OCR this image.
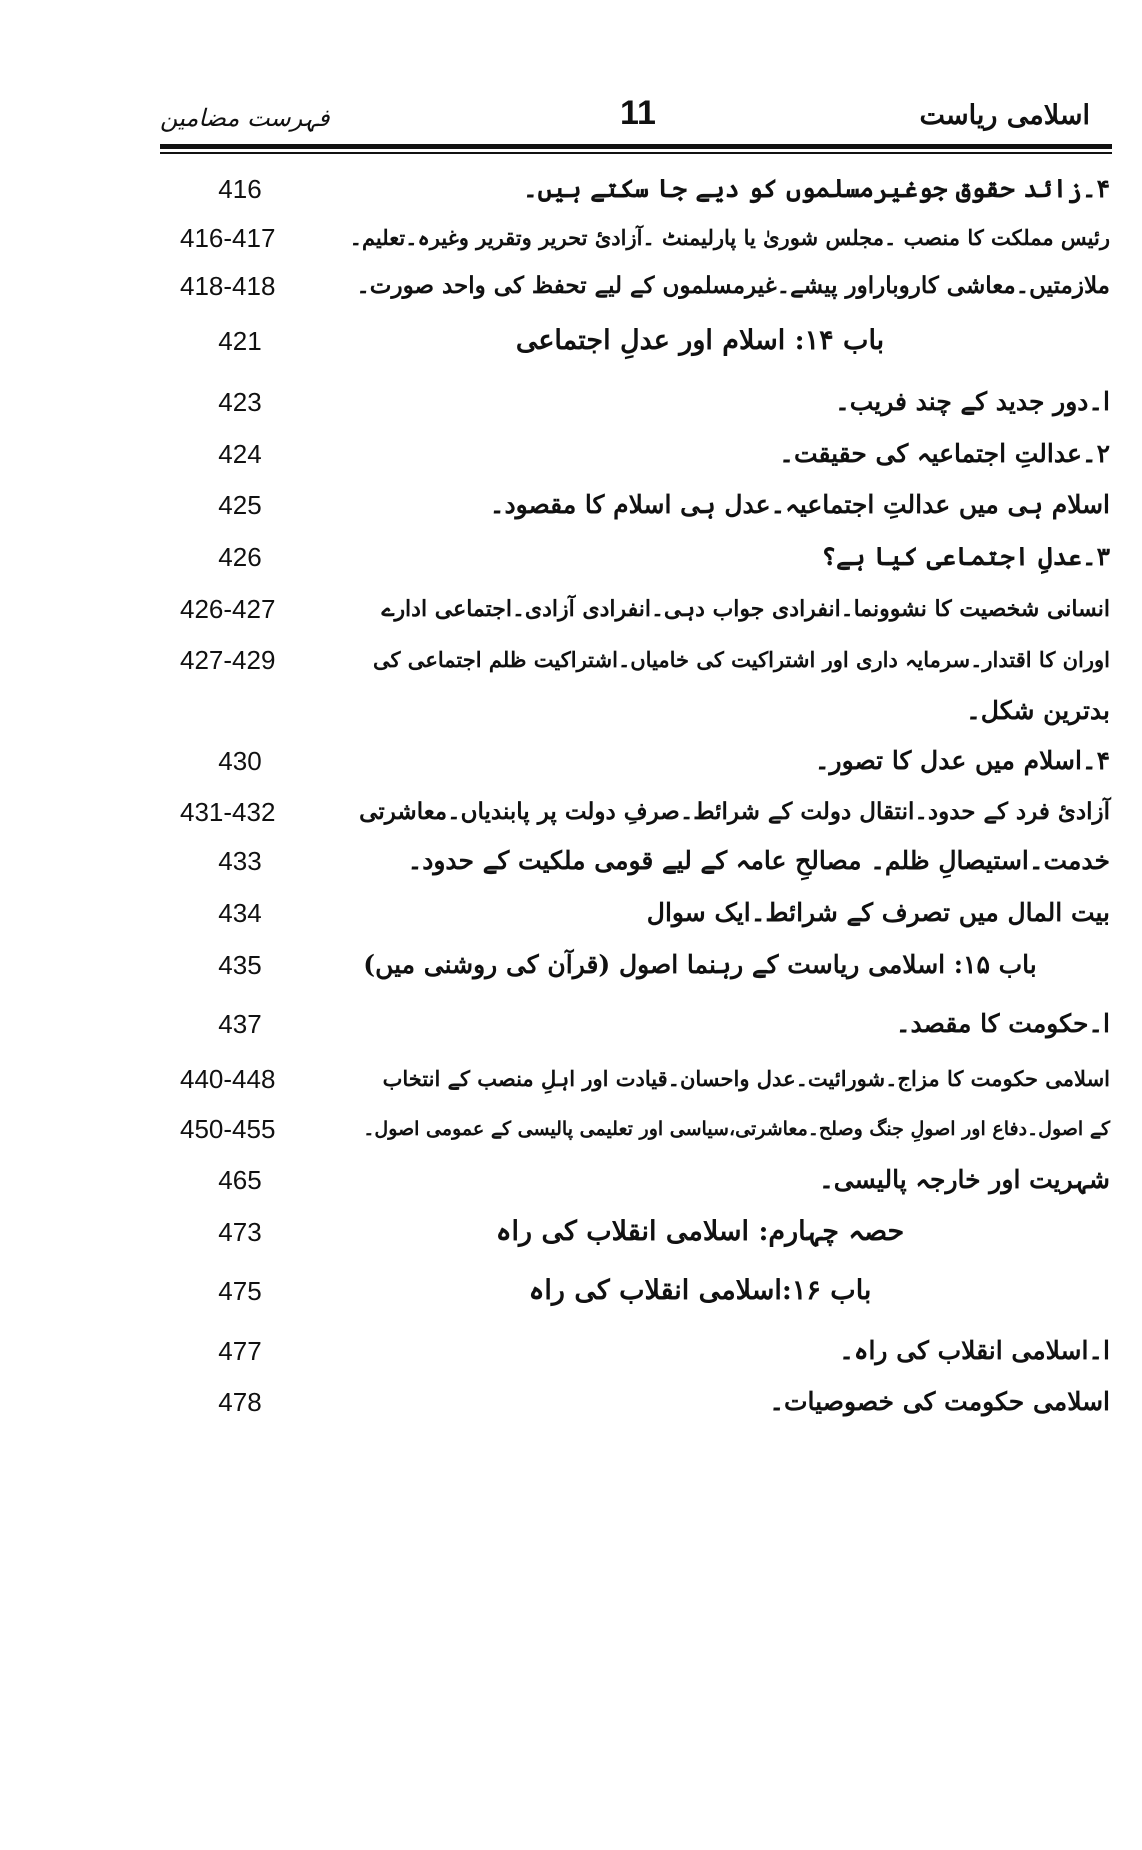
اسلامی ریاست
11
فہرست مضامین
۴۔زائد حقوق جوغیرمسلموں کو دیے جا سکتے ہیں۔
416
رئیس مملکت کا منصب ۔مجلس شوریٰ یا پارلیمنٹ ۔آزادیٔ تحریر وتقریر وغیرہ۔تعلیم۔
416-417
ملازمتیں۔معاشی کاروباراور پیشے۔غیرمسلموں کے لیے تحفظ کی واحد صورت۔
418-418
باب ۱۴: اسلام اور عدلِ اجتماعی
421
ا۔دور جدید کے چند فریب۔
423
۲۔عدالتِ اجتماعیہ کی حقیقت۔
424
اسلام ہی میں عدالتِ اجتماعیہ۔عدل ہی اسلام کا مقصود۔
425
۳۔عدلِ اجتماعی کیا ہے؟
426
انسانی شخصیت کا نشوونما۔انفرادی جواب دہی۔انفرادی آزادی۔اجتماعی ادارے
426-427
اوران کا اقتدار۔سرمایہ داری اور اشتراکیت کی خامیاں۔اشتراکیت ظلم اجتماعی کی
427-429
بدترین شکل۔
۴۔اسلام میں عدل کا تصور۔
430
آزادیٔ فرد کے حدود۔انتقال دولت کے شرائط۔صرفِ دولت پر پابندیاں۔معاشرتی
431-432
خدمت۔استیصالِ ظلم۔ مصالحِ عامہ کے لیے قومی ملکیت کے حدود۔
433
بیت المال میں تصرف کے شرائط۔ایک سوال
434
باب ۱۵: اسلامی ریاست کے رہنما اصول (قرآن کی روشنی میں)
435
ا۔حکومت کا مقصد۔
437
اسلامی حکومت کا مزاج۔شورائیت۔عدل واحسان۔قیادت اور اہلِ منصب کے انتخاب
440-448
کے اصول۔دفاع اور اصولِ جنگ وصلح۔معاشرتی،سیاسی اور تعلیمی پالیسی کے عمومی اصول۔
450-455
شہریت اور خارجہ پالیسی۔
465
حصہ چہارم: اسلامی انقلاب کی راہ
473
باب ۱۶:اسلامی انقلاب کی راہ
475
ا۔اسلامی انقلاب کی راہ۔
477
اسلامی حکومت کی خصوصیات۔
478
